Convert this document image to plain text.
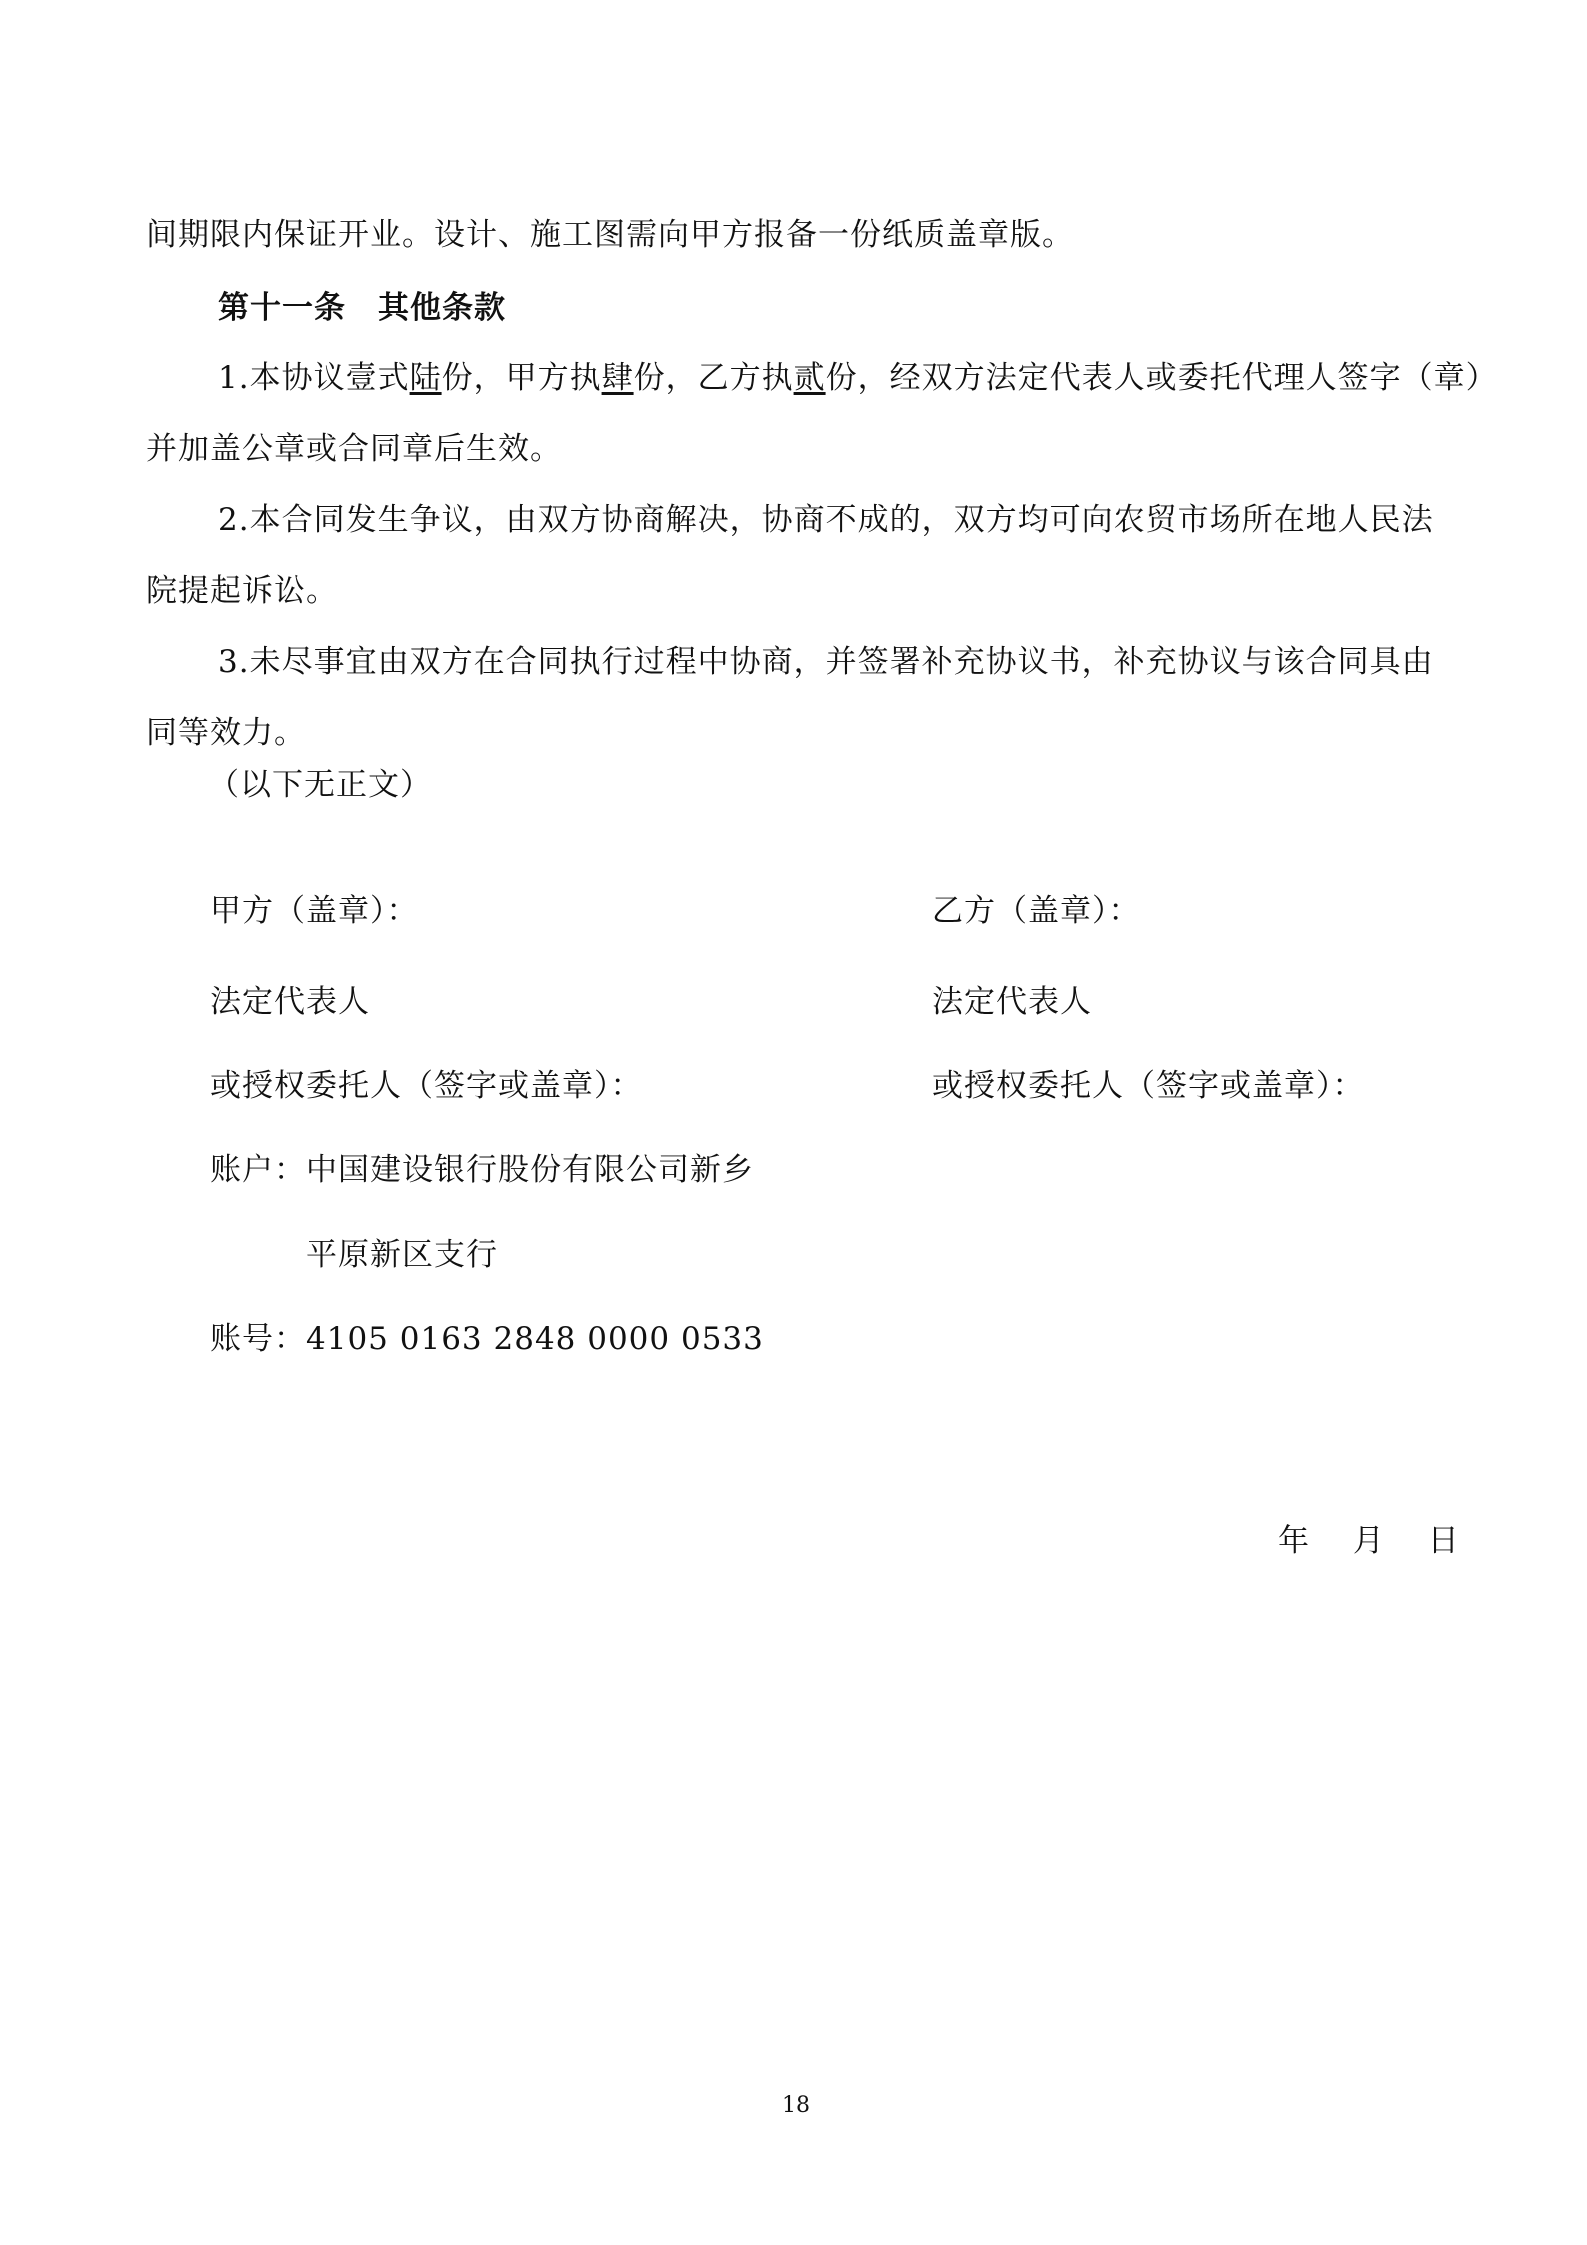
间期限内保证开业。设计、施工图需向甲方报备一份纸质盖章版。
第十一条　其他条款
1.本协议壹式陆份，甲方执肆份，乙方执贰份，经双方法定代表人或委托代理人签字（章）
并加盖公章或合同章后生效。
2.本合同发生争议，由双方协商解决，协商不成的，双方均可向农贸市场所在地人民法
院提起诉讼。
3.未尽事宜由双方在合同执行过程中协商，并签署补充协议书，补充协议与该合同具由
同等效力。
（以下无正文）
甲方（盖章）：	乙方（盖章）：
法定代表人	法定代表人
或授权委托人（签字或盖章）：	或授权委托人（签字或盖章）：
账户：中国建设银行股份有限公司新乡
平原新区支行
账号：4105 0163 2848 0000 0533
年　 月　 日
18
